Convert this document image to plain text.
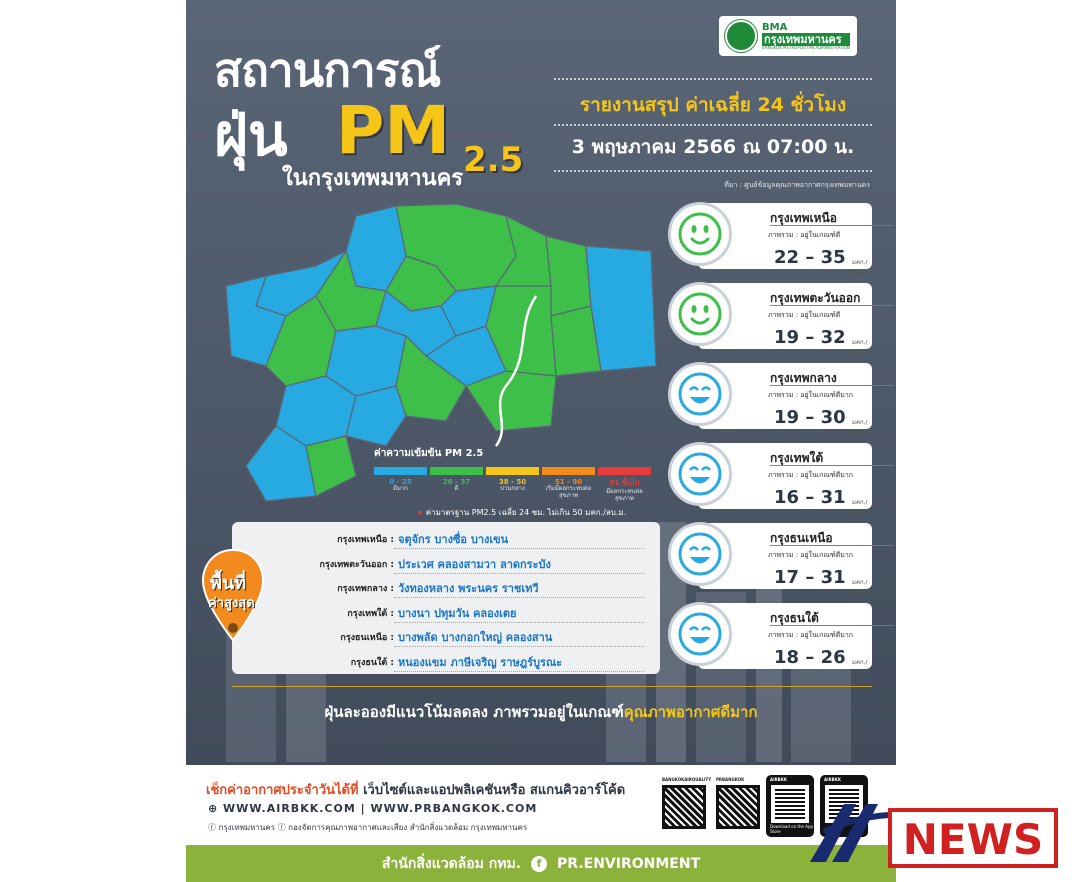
BMA
กรุงเทพมหานคร
BANGKOK METROPOLITAN ADMINISTRATION
สถานการณ์
ฝุ่น PM 2.5
ในกรุงเทพมหานคร
รายงานสรุป ค่าเฉลี่ย 24 ชั่วโมง
3 พฤษภาคม 2566 ณ 07:00 น.
ที่มา : ศูนย์ข้อมูลคุณภาพอากาศกรุงเทพมหานคร
ค่าความเข้มข้น PM 2.5
0 - 25
ดีมาก
26 - 37
ดี
38 - 50
ปานกลาง
51 - 90
เริ่มมีผลกระทบต่อสุขภาพ
91 ขึ้นไป
มีผลกระทบต่อสุขภาพ
★ ค่ามาตรฐาน PM2.5 เฉลี่ย 24 ชม. ไม่เกิน 50 มคก./ลบ.ม.
กรุงเทพเหนือ
ภาพรวม : อยู่ในเกณฑ์ดี
22 – 35 มคก./ลบ.ม.
กรุงเทพตะวันออก
ภาพรวม : อยู่ในเกณฑ์ดี
19 – 32 มคก./ลบ.ม.
กรุงเทพกลาง
ภาพรวม : อยู่ในเกณฑ์ดีมาก
19 – 30 มคก./ลบ.ม.
กรุงเทพใต้
ภาพรวม : อยู่ในเกณฑ์ดีมาก
16 – 31 มคก./ลบ.ม.
กรุงธนเหนือ
ภาพรวม : อยู่ในเกณฑ์ดีมาก
17 – 31 มคก./ลบ.ม.
กรุงธนใต้
ภาพรวม : อยู่ในเกณฑ์ดีมาก
18 – 26 มคก./ลบ.ม.
พื้นที่
ค่าสูงสุด
กรุงเทพเหนือ : จตุจักร บางซื่อ บางเขน
กรุงเทพตะวันออก : ประเวศ คลองสามวา ลาดกระบัง
กรุงเทพกลาง : วังทองหลาง พระนคร ราชเทวี
กรุงเทพใต้ : บางนา ปทุมวัน คลองเตย
กรุงธนเหนือ : บางพลัด บางกอกใหญ่ คลองสาน
กรุงธนใต้ : หนองแขม ภาษีเจริญ ราษฎร์บูรณะ
ฝุ่นละอองมีแนวโน้มลดลง ภาพรวมอยู่ในเกณฑ์คุณภาพอากาศดีมาก
เช็กค่าอากาศประจำวันได้ที่ เว็บไซต์และแอปพลิเคชันหรือ สแกนคิวอาร์โค้ด
⊕ WWW.AIRBKK.COM | WWW.PRBANGKOK.COM
ⓕ กรุงเทพมหานคร ⓕ กองจัดการคุณภาพอากาศและเสียง สำนักสิ่งแวดล้อม กรุงเทพมหานคร
BANGKOKAIRQUALITY PRBANGKOK	AIRBKK
Download on the App Store
AIRBKK
สำนักสิ่งแวดล้อม กทม.	f	PR.ENVIRONMENT	NEWS
